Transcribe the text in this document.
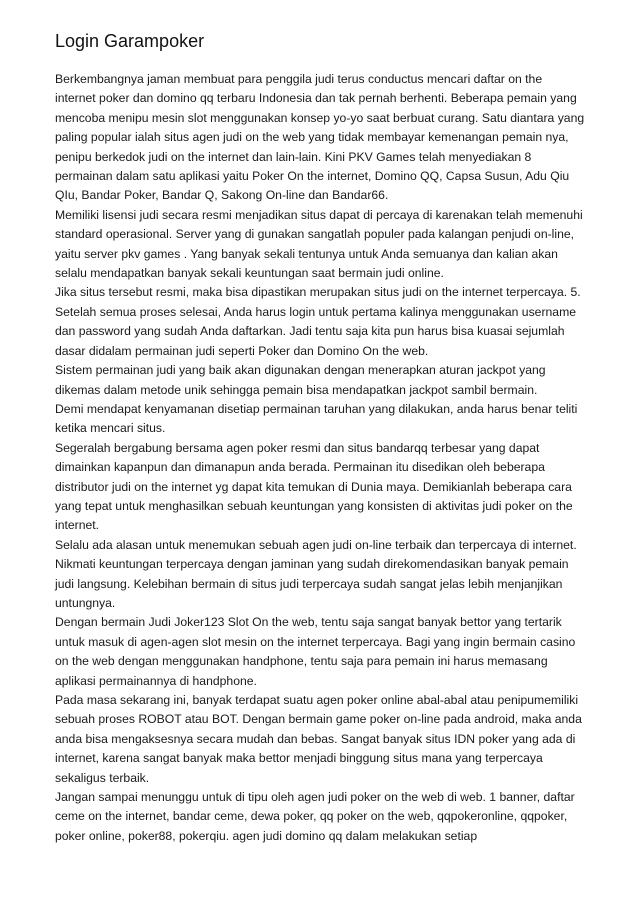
Login Garampoker

Berkembangnya jaman membuat para penggila judi terus conductus mencari daftar on the internet poker dan domino qq terbaru Indonesia dan tak pernah berhenti. Beberapa pemain yang mencoba menipu mesin slot menggunakan konsep yo-yo saat berbuat curang. Satu diantara yang paling popular ialah situs agen judi on the web yang tidak membayar kemenangan pemain nya, penipu berkedok judi on the internet dan lain-lain. Kini PKV Games telah menyediakan 8 permainan dalam satu aplikasi yaitu Poker On the internet, Domino QQ, Capsa Susun, Adu Qiu QIu, Bandar Poker, Bandar Q, Sakong On-line dan Bandar66.

Memiliki lisensi judi secara resmi menjadikan situs dapat di percaya di karenakan telah memenuhi standard operasional. Server yang di gunakan sangatlah populer pada kalangan penjudi on-line, yaitu server pkv games . Yang banyak sekali tentunya untuk Anda semuanya dan kalian akan selalu mendapatkan banyak sekali keuntungan saat bermain judi online.

Jika situs tersebut resmi, maka bisa dipastikan merupakan situs judi on the internet terpercaya. 5. Setelah semua proses selesai, Anda harus login untuk pertama kalinya menggunakan username dan password yang sudah Anda daftarkan. Jadi tentu saja kita pun harus bisa kuasai sejumlah dasar didalam permainan judi seperti Poker dan Domino On the web.

Sistem permainan judi yang baik akan digunakan dengan menerapkan aturan jackpot yang dikemas dalam metode unik sehingga pemain bisa mendapatkan jackpot sambil bermain.

Demi mendapat kenyamanan disetiap permainan taruhan yang dilakukan, anda harus benar teliti ketika mencari situs.

Segeralah bergabung bersama agen poker resmi dan situs bandarqq terbesar yang dapat dimainkan kapanpun dan dimanapun anda berada. Permainan itu disedikan oleh beberapa distributor judi on the internet yg dapat kita temukan di Dunia maya. Demikianlah beberapa cara yang tepat untuk menghasilkan sebuah keuntungan yang konsisten di aktivitas judi poker on the internet.

Selalu ada alasan untuk menemukan sebuah agen judi on-line terbaik dan terpercaya di internet. Nikmati keuntungan terpercaya dengan jaminan yang sudah direkomendasikan banyak pemain judi langsung. Kelebihan bermain di situs judi terpercaya sudah sangat jelas lebih menjanjikan untungnya.

Dengan bermain Judi Joker123 Slot On the web, tentu saja sangat banyak bettor yang tertarik untuk masuk di agen-agen slot mesin on the internet terpercaya. Bagi yang ingin bermain casino on the web dengan menggunakan handphone, tentu saja para pemain ini harus memasang aplikasi permainannya di handphone.

Pada masa sekarang ini, banyak terdapat suatu agen poker online abal-abal atau penipumemiliki sebuah proses ROBOT atau BOT. Dengan bermain game poker on-line pada android, maka anda anda bisa mengaksesnya secara mudah dan bebas. Sangat banyak situs IDN poker yang ada di internet, karena sangat banyak maka bettor menjadi binggung situs mana yang terpercaya sekaligus terbaik.

Jangan sampai menunggu untuk di tipu oleh agen judi poker on the web di web. 1 banner, daftar ceme on the internet, bandar ceme, dewa poker, qq poker on the web, qqpokeronline, qqpoker, poker online, poker88, pokerqiu. agen judi domino qq dalam melakukan setiap
